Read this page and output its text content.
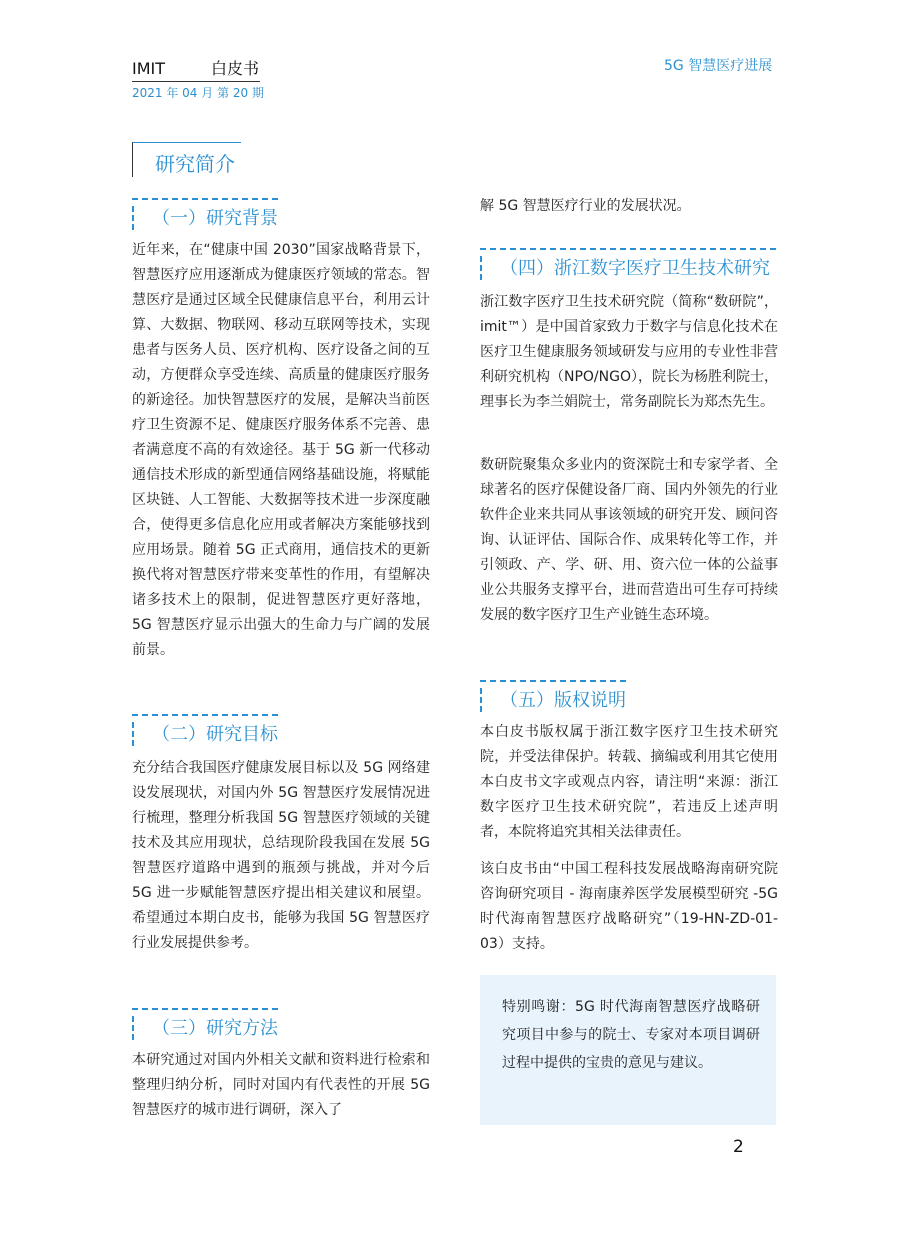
IMIT	白皮书
2021 年 04 月 第 20 期
5G 智慧医疗进展
研究简介
（一）研究背景
近年来，在“健康中国 2030”国家战略背景下，智慧医疗应用逐渐成为健康医疗领域的常态。智慧医疗是通过区域全民健康信息平台，利用云计算、大数据、物联网、移动互联网等技术，实现患者与医务人员、医疗机构、医疗设备之间的互动，方便群众享受连续、高质量的健康医疗服务的新途径。加快智慧医疗的发展，是解决当前医疗卫生资源不足、健康医疗服务体系不完善、患者满意度不高的有效途径。基于 5G 新一代移动通信技术形成的新型通信网络基础设施，将赋能区块链、人工智能、大数据等技术进一步深度融合，使得更多信息化应用或者解决方案能够找到应用场景。随着 5G 正式商用，通信技术的更新换代将对智慧医疗带来变革性的作用，有望解决诸多技术上的限制，促进智慧医疗更好落地，5G 智慧医疗显示出强大的生命力与广阔的发展前景。
（二）研究目标
充分结合我国医疗健康发展目标以及 5G 网络建设发展现状，对国内外 5G 智慧医疗发展情况进行梳理，整理分析我国 5G 智慧医疗领域的关键技术及其应用现状，总结现阶段我国在发展 5G 智慧医疗道路中遇到的瓶颈与挑战，并对今后 5G 进一步赋能智慧医疗提出相关建议和展望。希望通过本期白皮书，能够为我国 5G 智慧医疗行业发展提供参考。
（三）研究方法
本研究通过对国内外相关文献和资料进行检索和整理归纳分析，同时对国内有代表性的开展 5G 智慧医疗的城市进行调研，深入了
解 5G 智慧医疗行业的发展状况。
（四）浙江数字医疗卫生技术研究
浙江数字医疗卫生技术研究院（简称“数研院”，imit™）是中国首家致力于数字与信息化技术在医疗卫生健康服务领域研发与应用的专业性非营利研究机构（NPO/NGO），院长为杨胜利院士，理事长为李兰娟院士，常务副院长为郑杰先生。
数研院聚集众多业内的资深院士和专家学者、全球著名的医疗保健设备厂商、国内外领先的行业软件企业来共同从事该领域的研究开发、顾问咨询、认证评估、国际合作、成果转化等工作，并引领政、产、学、研、用、资六位一体的公益事业公共服务支撑平台，进而营造出可生存可持续发展的数字医疗卫生产业链生态环境。
（五）版权说明
本白皮书版权属于浙江数字医疗卫生技术研究院，并受法律保护。转载、摘编或利用其它使用本白皮书文字或观点内容，请注明“来源：浙江数字医疗卫生技术研究院”，若违反上述声明者，本院将追究其相关法律责任。
该白皮书由“中国工程科技发展战略海南研究院咨询研究项目 - 海南康养医学发展模型研究 -5G 时代海南智慧医疗战略研究”（19-HN-ZD-01-03）支持。

特别鸣谢：5G 时代海南智慧医疗战略研究项目中参与的院士、专家对本项目调研过程中提供的宝贵的意见与建议。

2
